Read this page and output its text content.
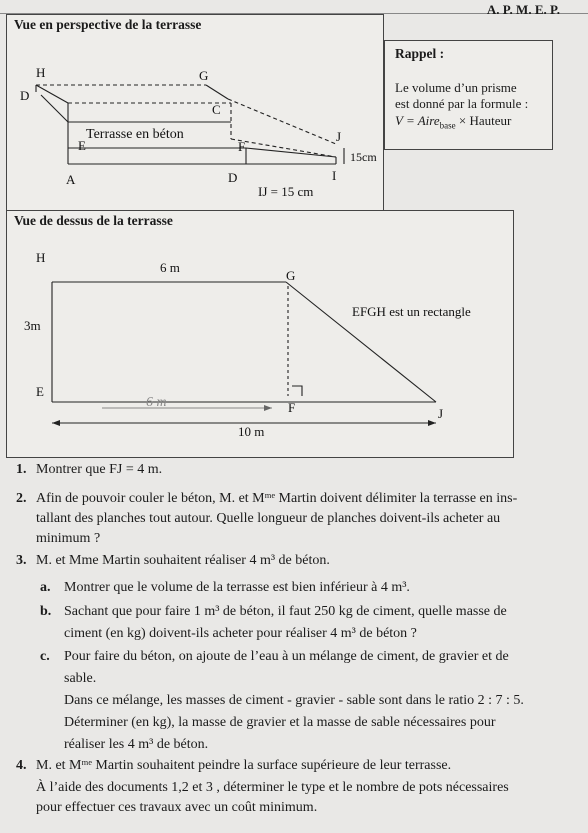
A. P. M. E. P.
Vue en perspective de la terrasse
H	G
D
C
E	F
A	D	I
J
Terrasse en béton
15cm
IJ = 15 cm
Rappel :
Le volume d’un prisme
est donné par la formule :
V = Aire$_{base}$ × Hauteur
Vue de dessus de la terrasse
H
G
E
F	J
6 m
3m
6 m
10 m
EFGH est un rectangle
1. Montrer que FJ = 4 m.
2. Afin de pouvoir couler le béton, M. et Mᵐᵉ Martin doivent délimiter la terrasse en ins-
tallant des planches tout autour. Quelle longueur de planches doivent-ils acheter au
minimum ?
3. M. et Mme Martin souhaitent réaliser 4 m³ de béton.
a. Montrer que le volume de la terrasse est bien inférieur à 4 m³.
b. Sachant que pour faire 1 m³ de béton, il faut 250 kg de ciment, quelle masse de
ciment (en kg) doivent-ils acheter pour réaliser 4 m³ de béton ?
c. Pour faire du béton, on ajoute de l’eau à un mélange de ciment, de gravier et de
sable.
Dans ce mélange, les masses de ciment - gravier - sable sont dans le ratio 2 : 7 : 5.
Déterminer (en kg), la masse de gravier et la masse de sable nécessaires pour
réaliser les 4 m³ de béton.
4. M. et Mᵐᵉ Martin souhaitent peindre la surface supérieure de leur terrasse.
À l’aide des documents 1,2 et 3 , déterminer le type et le nombre de pots nécessaires
pour effectuer ces travaux avec un coût minimum.
